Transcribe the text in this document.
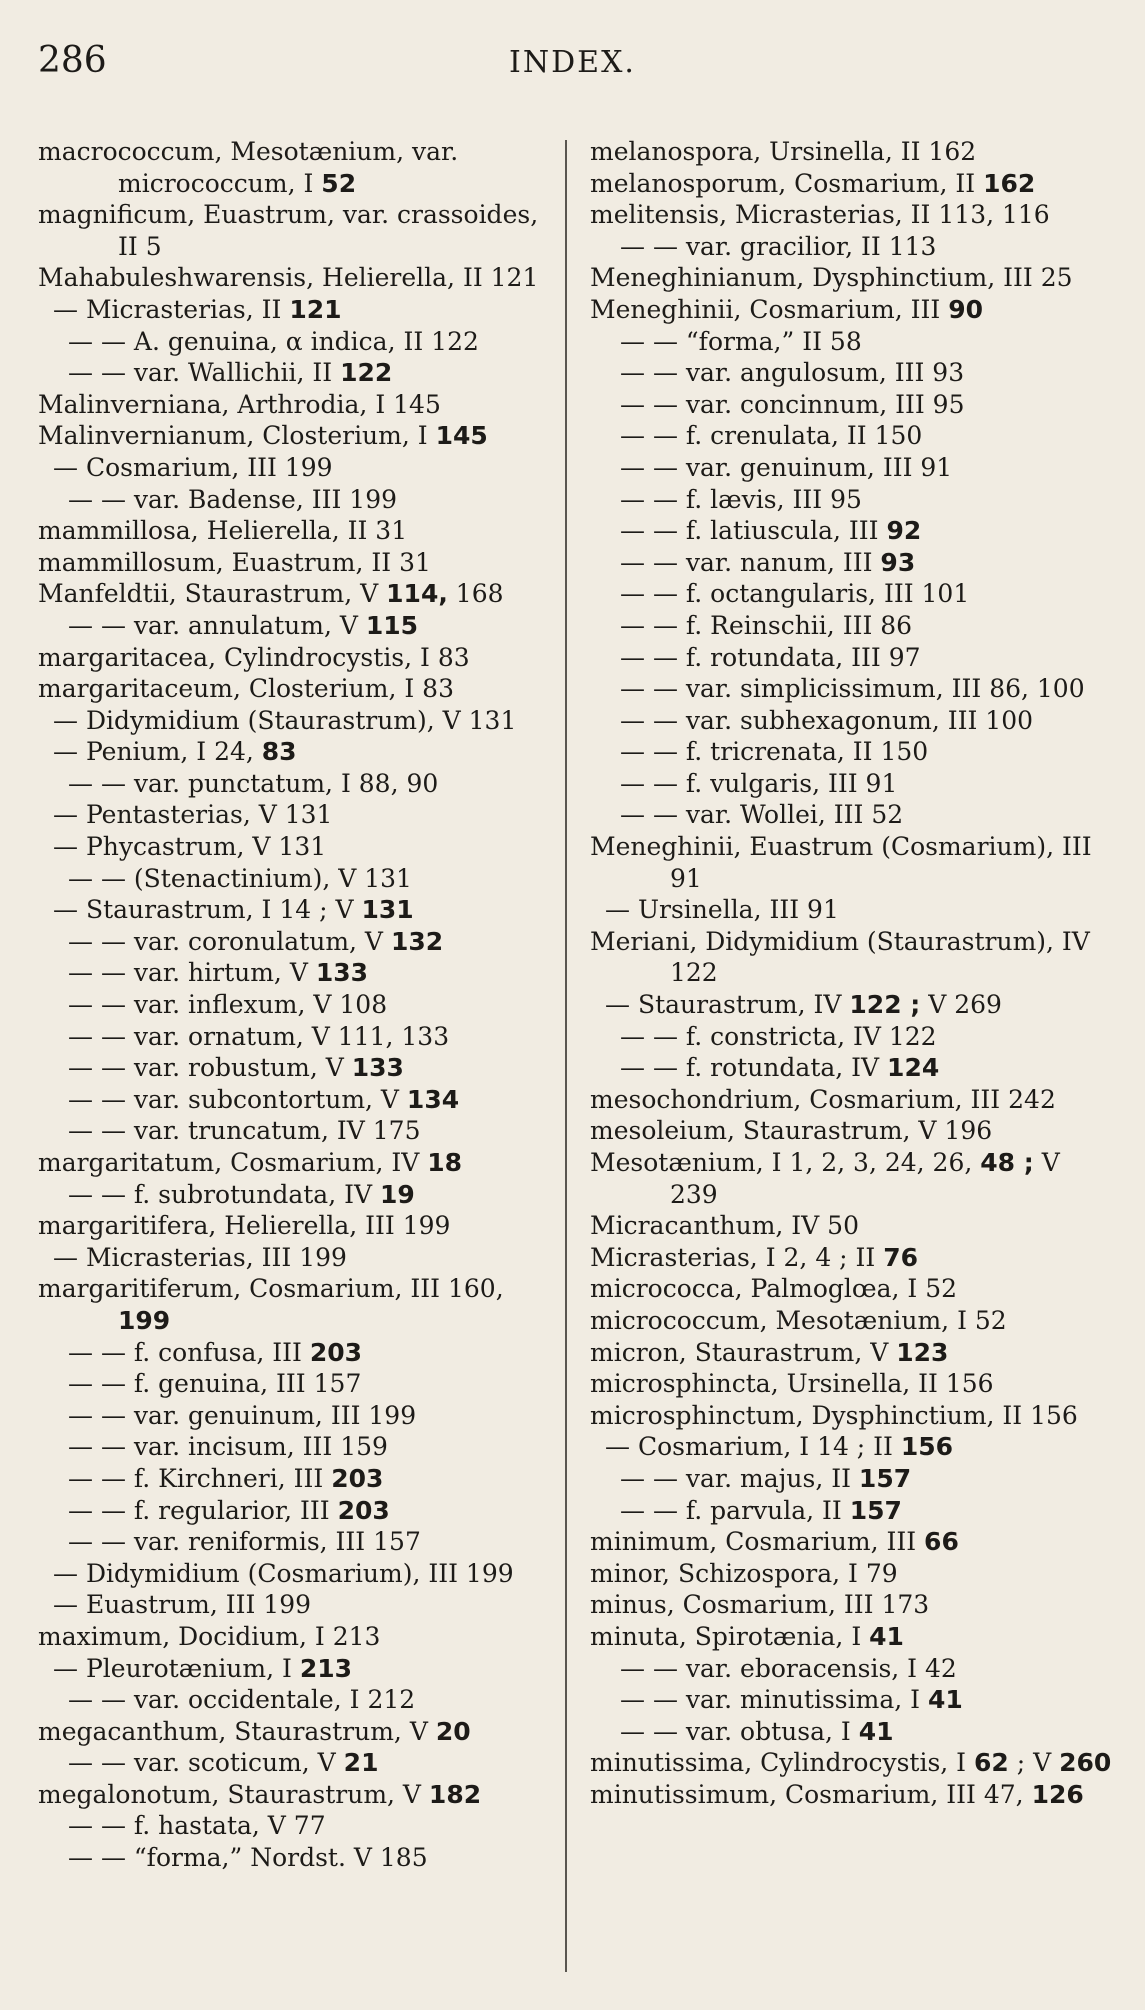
286	INDEX.
macrococcum, Mesotænium, var. micrococcum, I 52
magnificum, Euastrum, var. crassoides, II 5
Mahabuleshwarensis, Helierella, II 121
— Micrasterias, II 121
— — A. genuina, α indica, II 122
— — var. Wallichii, II 122
Malinverniana, Arthrodia, I 145
Malinvernianum, Closterium, I 145
— Cosmarium, III 199
— — var. Badense, III 199
mammillosa, Helierella, II 31
mammillosum, Euastrum, II 31
Manfeldtii, Staurastrum, V 114, 168
— — var. annulatum, V 115
margaritacea, Cylindrocystis, I 83
margaritaceum, Closterium, I 83
— Didymidium (Staurastrum), V 131
— Penium, I 24, 83
— — var. punctatum, I 88, 90
— Pentasterias, V 131
— Phycastrum, V 131
— — (Stenactinium), V 131
— Staurastrum, I 14 ; V 131
— — var. coronulatum, V 132
— — var. hirtum, V 133
— — var. inflexum, V 108
— — var. ornatum, V 111, 133
— — var. robustum, V 133
— — var. subcontortum, V 134
— — var. truncatum, IV 175
margaritatum, Cosmarium, IV 18
— — f. subrotundata, IV 19
margaritifera, Helierella, III 199
— Micrasterias, III 199
margaritiferum, Cosmarium, III 160, 199
— — f. confusa, III 203
— — f. genuina, III 157
— — var. genuinum, III 199
— — var. incisum, III 159
— — f. Kirchneri, III 203
— — f. regularior, III 203
— — var. reniformis, III 157
— Didymidium (Cosmarium), III 199
— Euastrum, III 199
maximum, Docidium, I 213
— Pleurotænium, I 213
— — var. occidentale, I 212
megacanthum, Staurastrum, V 20
— — var. scoticum, V 21
megalonotum, Staurastrum, V 182
— — f. hastata, V 77
— — “forma,” Nordst. V 185
melanospora, Ursinella, II 162
melanosporum, Cosmarium, II 162
melitensis, Micrasterias, II 113, 116
— — var. gracilior, II 113
Meneghinianum, Dysphinctium, III 25
Meneghinii, Cosmarium, III 90
— — “forma,” II 58
— — var. angulosum, III 93
— — var. concinnum, III 95
— — f. crenulata, II 150
— — var. genuinum, III 91
— — f. lævis, III 95
— — f. latiuscula, III 92
— — var. nanum, III 93
— — f. octangularis, III 101
— — f. Reinschii, III 86
— — f. rotundata, III 97
— — var. simplicissimum, III 86, 100
— — var. subhexagonum, III 100
— — f. tricrenata, II 150
— — f. vulgaris, III 91
— — var. Wollei, III 52
Meneghinii, Euastrum (Cosmarium), III 91
— Ursinella, III 91
Meriani, Didymidium (Staurastrum), IV 122
— Staurastrum, IV 122 ; V 269
— — f. constricta, IV 122
— — f. rotundata, IV 124
mesochondrium, Cosmarium, III 242
mesoleium, Staurastrum, V 196
Mesotænium, I 1, 2, 3, 24, 26, 48 ; V 239
Micracanthum, IV 50
Micrasterias, I 2, 4 ; II 76
micrococca, Palmoglœa, I 52
micrococcum, Mesotænium, I 52
micron, Staurastrum, V 123
microsphincta, Ursinella, II 156
microsphinctum, Dysphinctium, II 156
— Cosmarium, I 14 ; II 156
— — var. majus, II 157
— — f. parvula, II 157
minimum, Cosmarium, III 66
minor, Schizospora, I 79
minus, Cosmarium, III 173
minuta, Spirotænia, I 41
— — var. eboracensis, I 42
— — var. minutissima, I 41
— — var. obtusa, I 41
minutissima, Cylindrocystis, I 62 ; V 260
minutissimum, Cosmarium, III 47, 126
